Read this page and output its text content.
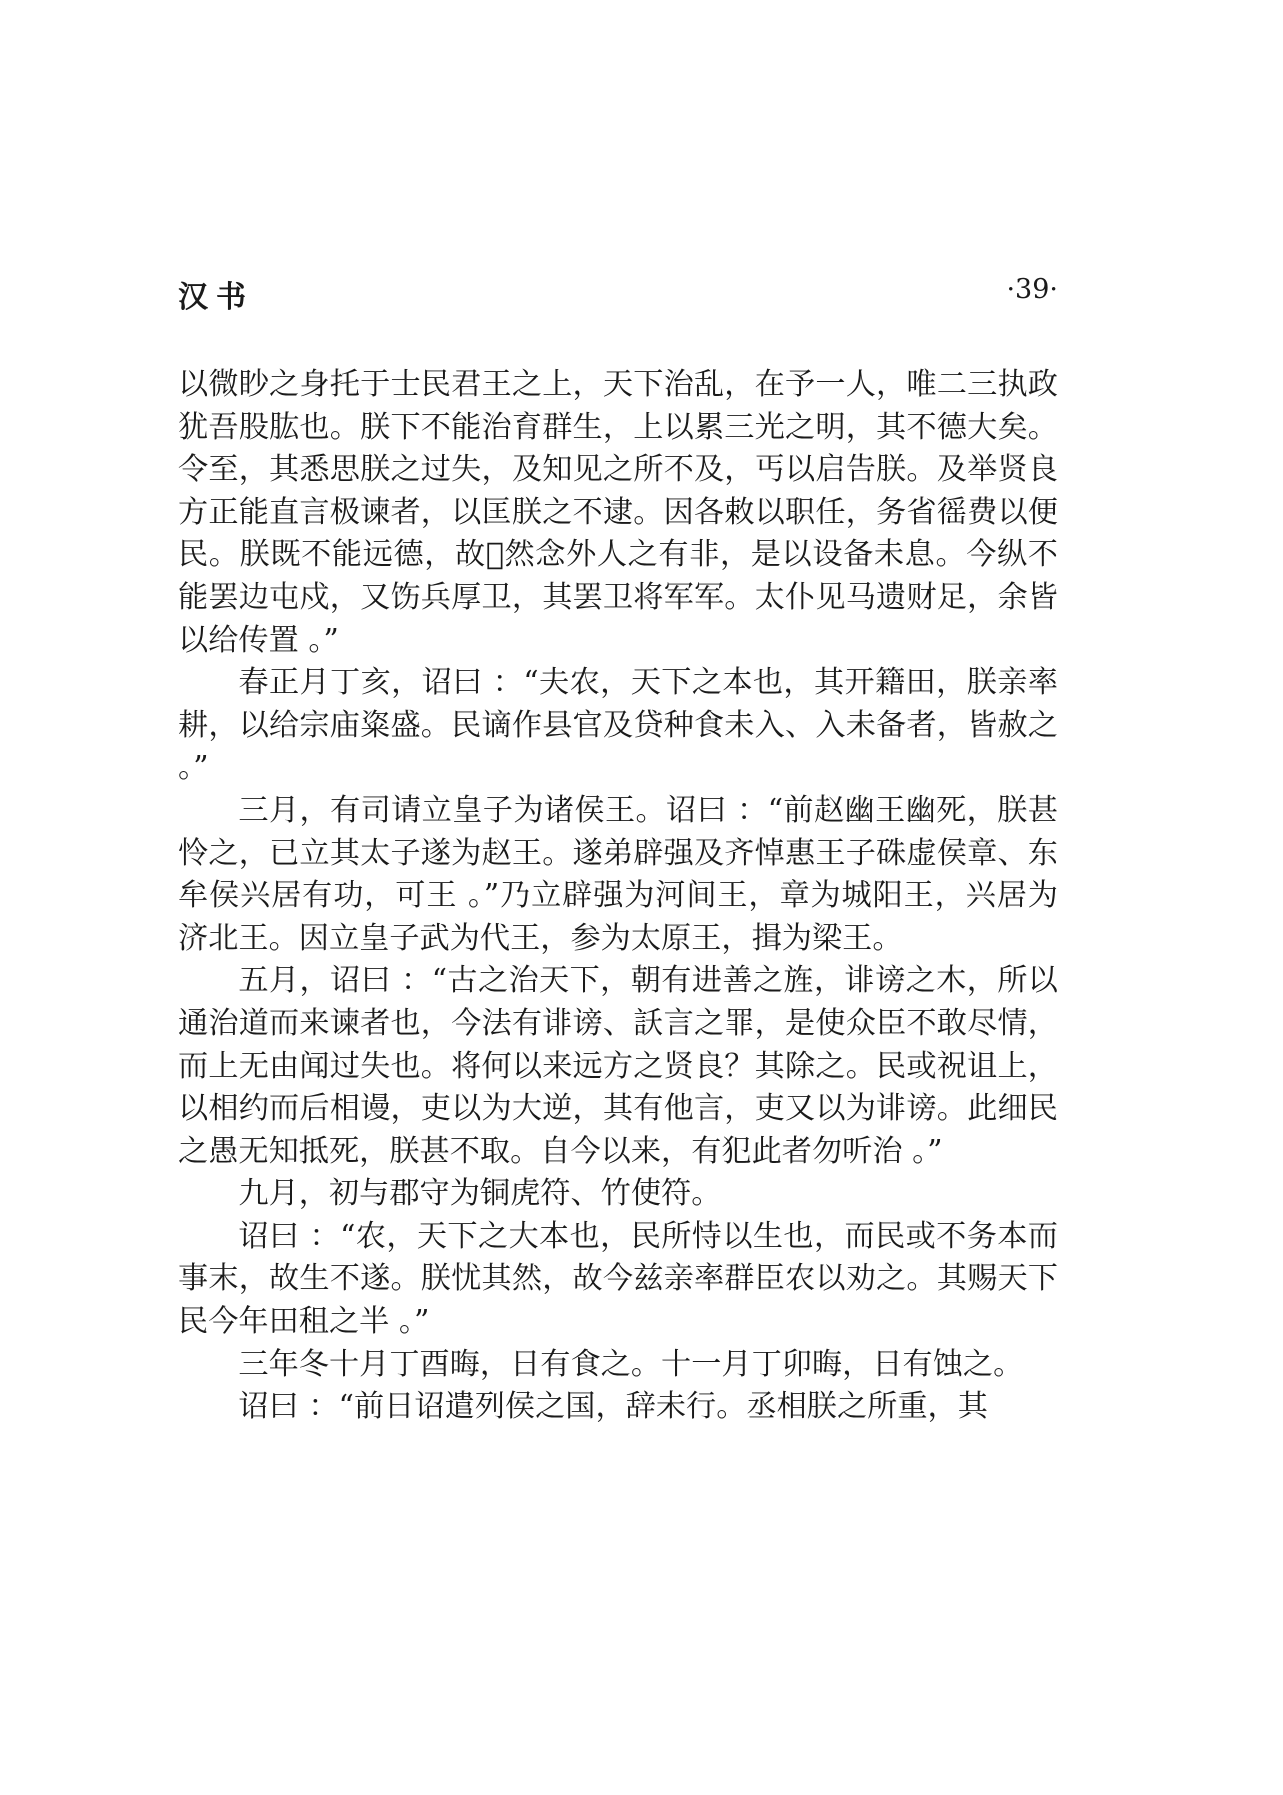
汉书	·39·

以微眇之身托于士民君王之上，天下治乱，在予一人，唯二三执政犹吾股肱也。朕下不能治育群生，上以累三光之明，其不德大矣。令至，其悉思朕之过失，及知见之所不及，丐以启告朕。及举贤良方正能直言极谏者，以匡朕之不逮。因各敕以职任，务省徭费以便民。朕既不能远德，故𫺗然念外人之有非，是以设备未息。今纵不能罢边屯戍，又饬兵厚卫，其罢卫将军军。太仆见马遗财足，余皆以给传置 。”

春正月丁亥，诏曰 ：“夫农，天下之本也，其开籍田，朕亲率耕，以给宗庙粢盛。民谪作县官及贷种食未入、入未备者，皆赦之 。”

三月，有司请立皇子为诸侯王。诏曰 ：“前赵幽王幽死，朕甚怜之，已立其太子遂为赵王。遂弟辟强及齐悼惠王子硃虚侯章、东牟侯兴居有功，可王 。”乃立辟强为河间王，章为城阳王，兴居为济北王。因立皇子武为代王，参为太原王，揖为梁王。

五月，诏曰 ：“古之治天下，朝有进善之旌，诽谤之木，所以通治道而来谏者也，今法有诽谤、訞言之罪，是使众臣不敢尽情，而上无由闻过失也。将何以来远方之贤良？其除之。民或祝诅上，以相约而后相谩，吏以为大逆，其有他言，吏又以为诽谤。此细民之愚无知抵死，朕甚不取。自今以来，有犯此者勿听治 。”

九月，初与郡守为铜虎符、竹使符。

诏曰 ：“农，天下之大本也，民所恃以生也，而民或不务本而事末，故生不遂。朕忧其然，故今兹亲率群臣农以劝之。其赐天下民今年田租之半 。”

三年冬十月丁酉晦，日有食之。十一月丁卯晦，日有蚀之。

诏曰 ：“前日诏遣列侯之国，辞未行。丞相朕之所重，其
